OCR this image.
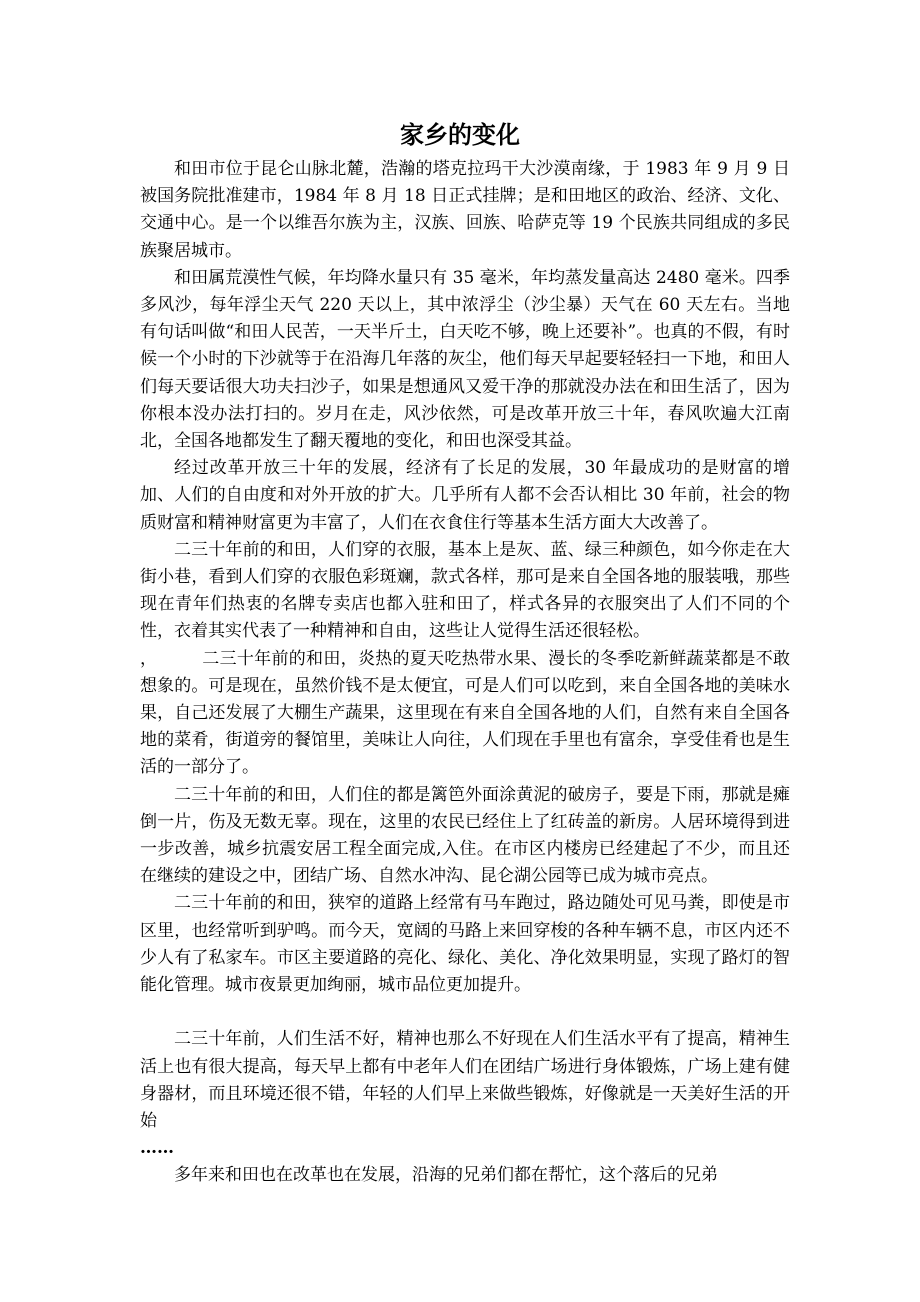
家乡的变化

和田市位于昆仑山脉北麓，浩瀚的塔克拉玛干大沙漠南缘，于 1983 年 9 月 9 日被国务院批准建市，1984 年 8 月 18 日正式挂牌；是和田地区的政治、经济、文化、交通中心。是一个以维吾尔族为主，汉族、回族、哈萨克等 19 个民族共同组成的多民族聚居城市。

和田属荒漠性气候，年均降水量只有 35 毫米，年均蒸发量高达 2480 毫米。四季多风沙，每年浮尘天气 220 天以上，其中浓浮尘（沙尘暴）天气在 60 天左右。当地有句话叫做“和田人民苦，一天半斤土，白天吃不够，晚上还要补”。也真的不假，有时候一个小时的下沙就等于在沿海几年落的灰尘，他们每天早起要轻轻扫一下地，和田人们每天要话很大功夫扫沙子，如果是想通风又爱干净的那就没办法在和田生活了，因为你根本没办法打扫的。岁月在走，风沙依然，可是改革开放三十年，春风吹遍大江南北，全国各地都发生了翻天覆地的变化，和田也深受其益。

经过改革开放三十年的发展，经济有了长足的发展，30 年最成功的是财富的增加、人们的自由度和对外开放的扩大。几乎所有人都不会否认相比 30 年前，社会的物质财富和精神财富更为丰富了，人们在衣食住行等基本生活方面大大改善了。

二三十年前的和田，人们穿的衣服，基本上是灰、蓝、绿三种颜色，如今你走在大街小巷，看到人们穿的衣服色彩斑斓，款式各样，那可是来自全国各地的服装哦，那些现在青年们热衷的名牌专卖店也都入驻和田了，样式各异的衣服突出了人们不同的个性，衣着其实代表了一种精神和自由，这些让人觉得生活还很轻松。

，	二三十年前的和田，炎热的夏天吃热带水果、漫长的冬季吃新鲜蔬菜都是不敢想象的。可是现在，虽然价钱不是太便宜，可是人们可以吃到，来自全国各地的美味水果，自己还发展了大棚生产蔬果，这里现在有来自全国各地的人们，自然有来自全国各地的菜肴，街道旁的餐馆里，美味让人向往，人们现在手里也有富余，享受佳肴也是生活的一部分了。

二三十年前的和田，人们住的都是篱笆外面涂黄泥的破房子，要是下雨，那就是瘫倒一片，伤及无数无辜。现在，这里的农民已经住上了红砖盖的新房。人居环境得到进一步改善，城乡抗震安居工程全面完成,入住。在市区内楼房已经建起了不少，而且还在继续的建设之中，团结广场、自然水冲沟、昆仑湖公园等已成为城市亮点。

二三十年前的和田，狭窄的道路上经常有马车跑过，路边随处可见马粪，即使是市区里，也经常听到驴鸣。而今天，宽阔的马路上来回穿梭的各种车辆不息，市区内还不少人有了私家车。市区主要道路的亮化、绿化、美化、净化效果明显，实现了路灯的智能化管理。城市夜景更加绚丽，城市品位更加提升。

二三十年前，人们生活不好，精神也那么不好现在人们生活水平有了提高，精神生活上也有很大提高，每天早上都有中老年人们在团结广场进行身体锻炼，广场上建有健身器材，而且环境还很不错，年轻的人们早上来做些锻炼，好像就是一天美好生活的开始

……

多年来和田也在改革也在发展，沿海的兄弟们都在帮忙，这个落后的兄弟
